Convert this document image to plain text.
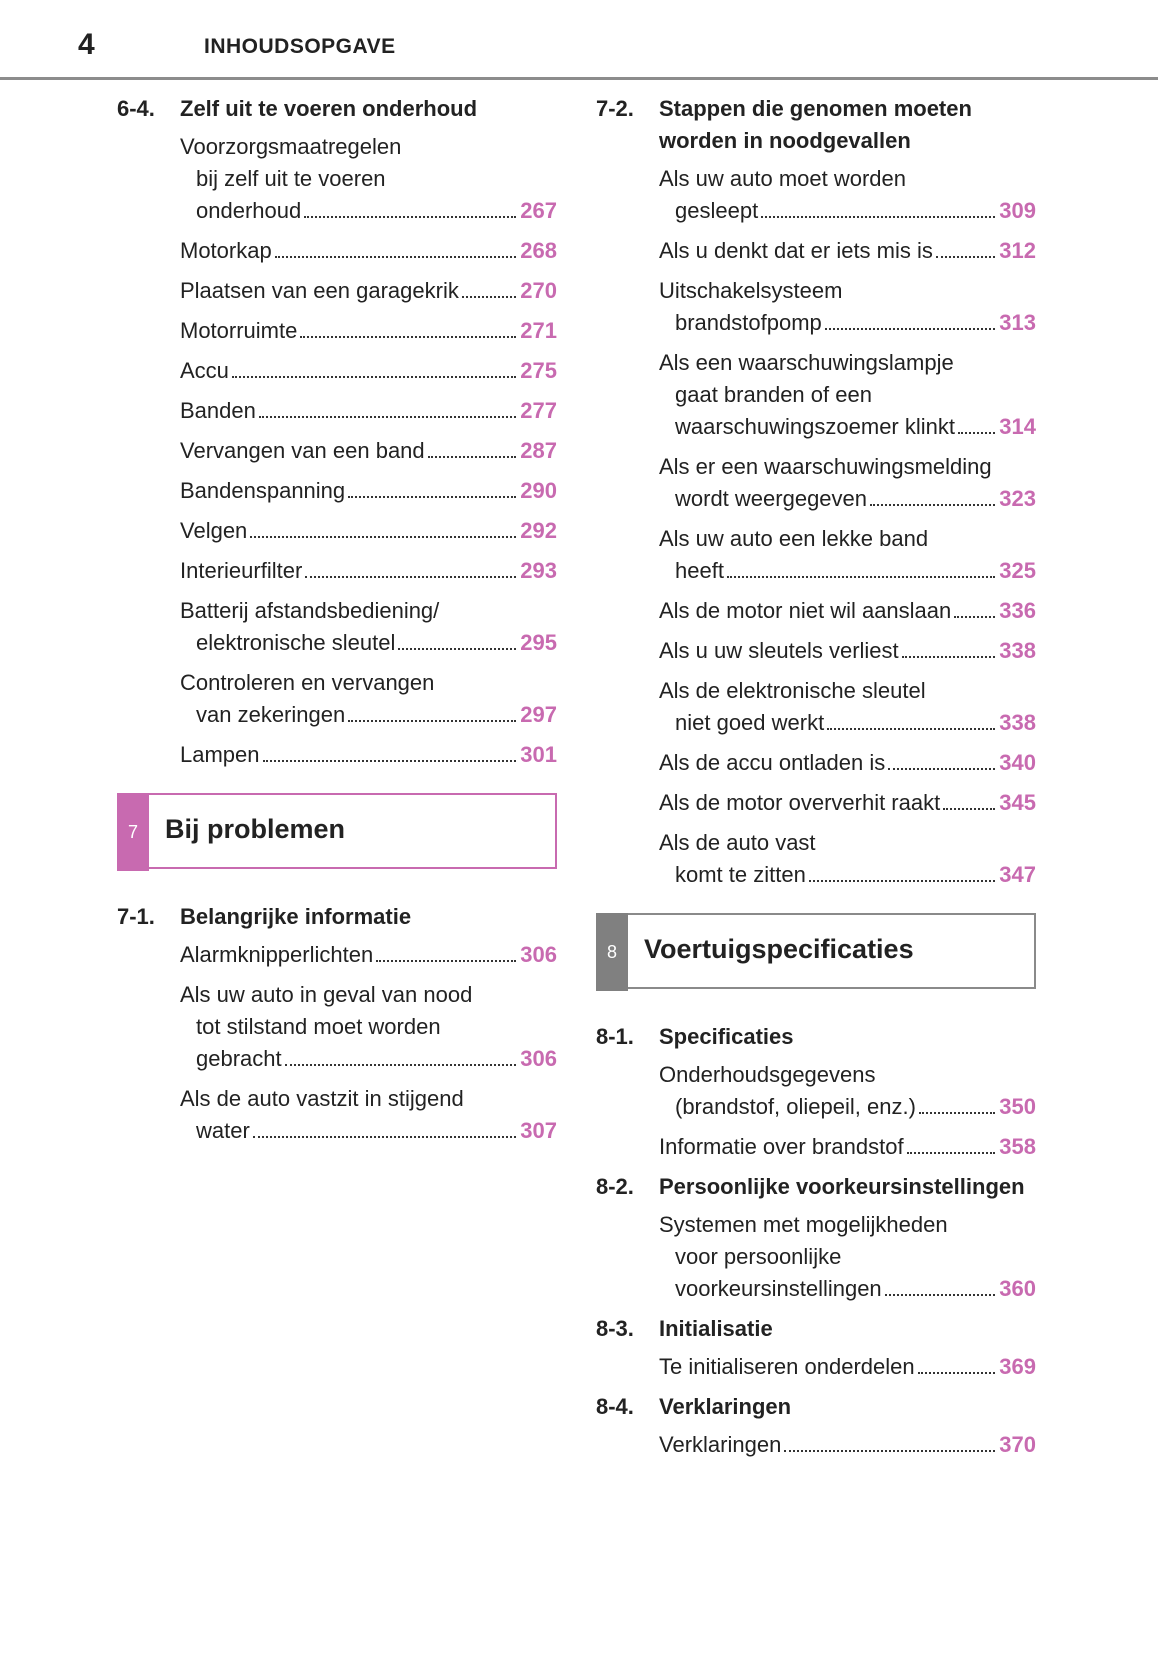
4	INHOUDSOPGAVE
6-4.	Zelf uit te voeren onderhoud
Voorzorgsmaatregelen
bij zelf uit te voeren
onderhoud	267
Motorkap	268
Plaatsen van een garagekrik	270
Motorruimte	271
Accu	275
Banden	277
Vervangen van een band	287
Bandenspanning	290
Velgen	292
Interieurfilter	293
Batterij afstandsbediening/
elektronische sleutel	295
Controleren en vervangen
van zekeringen	297
Lampen	301
7	Bij problemen
7-1.	Belangrijke informatie
Alarmknipperlichten	306
Als uw auto in geval van nood
tot stilstand moet worden
gebracht	306
Als de auto vastzit in stijgend
water	307
7-2.	Stappen die genomen moeten worden in noodgevallen
Als uw auto moet worden
gesleept	309
Als u denkt dat er iets mis is	312
Uitschakelsysteem
brandstofpomp	313
Als een waarschuwingslampje
gaat branden of een
waarschuwingszoemer klinkt 314
Als er een waarschuwingsmelding
wordt weergegeven	323
Als uw auto een lekke band
heeft	325
Als de motor niet wil aanslaan 336
Als u uw sleutels verliest	338
Als de elektronische sleutel
niet goed werkt	338
Als de accu ontladen is	340
Als de motor oververhit raakt	345
Als de auto vast
komt te zitten	347
8	Voertuigspecificaties
8-1.	Specificaties
Onderhoudsgegevens
(brandstof, oliepeil, enz.)	350
Informatie over brandstof	358
8-2.	Persoonlijke voorkeursinstellingen
Systemen met mogelijkheden
voor persoonlijke
voorkeursinstellingen	360
8-3.	Initialisatie
Te initialiseren onderdelen	369
8-4.	Verklaringen
Verklaringen	370
